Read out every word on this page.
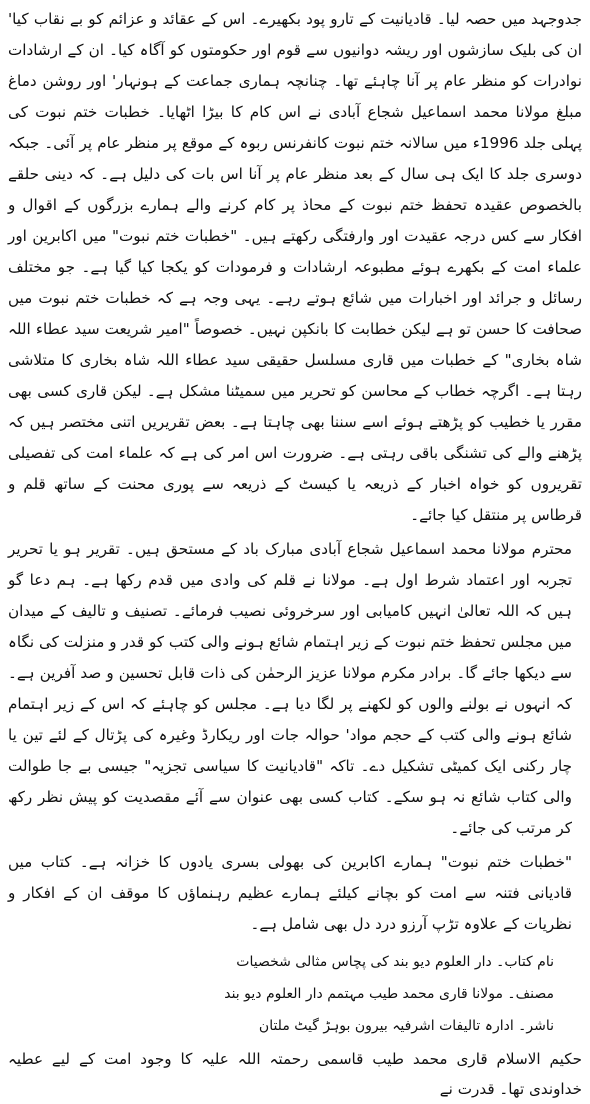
جدوجہد میں حصہ لیا۔ قادیانیت کے تارو پود بکھیرے۔ اس کے عقائد و عزائم کو بے نقاب کیا' ان کی بلیک سازشوں اور ریشہ دوانیوں سے قوم اور حکومتوں کو آگاہ کیا۔ ان کے ارشادات نوادرات کو منظر عام پر آنا چاہئے تھا۔ چنانچہ ہماری جماعت کے ہونہار' اور روشن دماغ مبلغ مولانا محمد اسماعیل شجاع آبادی نے اس کام کا بیڑا اٹھایا۔ خطبات ختم نبوت کی پہلی جلد 1996ء میں سالانہ ختم نبوت کانفرنس ربوہ کے موقع پر منظر عام پر آئی۔ جبکہ دوسری جلد کا ایک ہی سال کے بعد منظر عام پر آنا اس بات کی دلیل ہے۔ کہ دینی حلقے بالخصوص عقیدہ تحفظ ختم نبوت کے محاذ پر کام کرنے والے ہمارے بزرگوں کے اقوال و افکار سے کس درجہ عقیدت اور وارفتگی رکھتے ہیں۔ "خطبات ختم نبوت" میں اکابرین اور علماء امت کے بکھرے ہوئے مطبوعہ ارشادات و فرمودات کو یکجا کیا گیا ہے۔ جو مختلف رسائل و جرائد اور اخبارات میں شائع ہوتے رہے۔ یہی وجہ ہے کہ خطبات ختم نبوت میں صحافت کا حسن تو ہے لیکن خطابت کا بانکپن نہیں۔ خصوصاً "امیر شریعت سید عطاء اللہ شاہ بخاری" کے خطبات میں قاری مسلسل حقیقی سید عطاء اللہ شاہ بخاری کا متلاشی رہتا ہے۔ اگرچہ خطاب کے محاسن کو تحریر میں سمیٹنا مشکل ہے۔ لیکن قاری کسی بھی مقرر یا خطیب کو پڑھتے ہوئے اسے سننا بھی چاہتا ہے۔ بعض تقریریں اتنی مختصر ہیں کہ پڑھنے والے کی تشنگی باقی رہتی ہے۔ ضرورت اس امر کی ہے کہ علماء امت کی تفصیلی تقریروں کو خواہ اخبار کے ذریعہ یا کیسٹ کے ذریعہ سے پوری محنت کے ساتھ قلم و قرطاس پر منتقل کیا جائے۔

محترم مولانا محمد اسماعیل شجاع آبادی مبارک باد کے مستحق ہیں۔ تقریر ہو یا تحریر تجربہ اور اعتماد شرط اول ہے۔ مولانا نے قلم کی وادی میں قدم رکھا ہے۔ ہم دعا گو ہیں کہ اللہ تعالیٰ انہیں کامیابی اور سرخروئی نصیب فرمائے۔ تصنیف و تالیف کے میدان میں مجلس تحفظ ختم نبوت کے زیر اہتمام شائع ہونے والی کتب کو قدر و منزلت کی نگاہ سے دیکھا جائے گا۔ برادر مکرم مولانا عزیز الرحمٰن کی ذات قابل تحسین و صد آفرین ہے۔ کہ انہوں نے بولنے والوں کو لکھنے پر لگا دیا ہے۔ مجلس کو چاہئے کہ اس کے زیر اہتمام شائع ہونے والی کتب کے حجم مواد' حوالہ جات اور ریکارڈ وغیرہ کی پڑتال کے لئے تین یا چار رکنی ایک کمیٹی تشکیل دے۔ تاکہ "قادیانیت کا سیاسی تجزیہ" جیسی بے جا طوالت والی کتاب شائع نہ ہو سکے۔ کتاب کسی بھی عنوان سے آئے مقصدیت کو پیش نظر رکھ کر مرتب کی جائے۔

"خطبات ختم نبوت" ہمارے اکابرین کی بھولی بسری یادوں کا خزانہ ہے۔ کتاب میں قادیانی فتنہ سے امت کو بچانے کیلئے ہمارے عظیم رہنماؤں کا موقف ان کے افکار و نظریات کے علاوہ تڑپ آرزو درد دل بھی شامل ہے۔

نام کتاب۔ دار العلوم دیو بند کی پچاس مثالی شخصیات
مصنف۔ مولانا قاری محمد طیب مہتمم دار العلوم دیو بند
ناشر۔ ادارہ تالیفات اشرفیہ بیرون بوہڑ گیٹ ملتان
حکیم الاسلام قاری محمد طیب قاسمی رحمتہ اللہ علیہ کا وجود امت کے لیے عطیہ خداوندی تھا۔ قدرت نے
